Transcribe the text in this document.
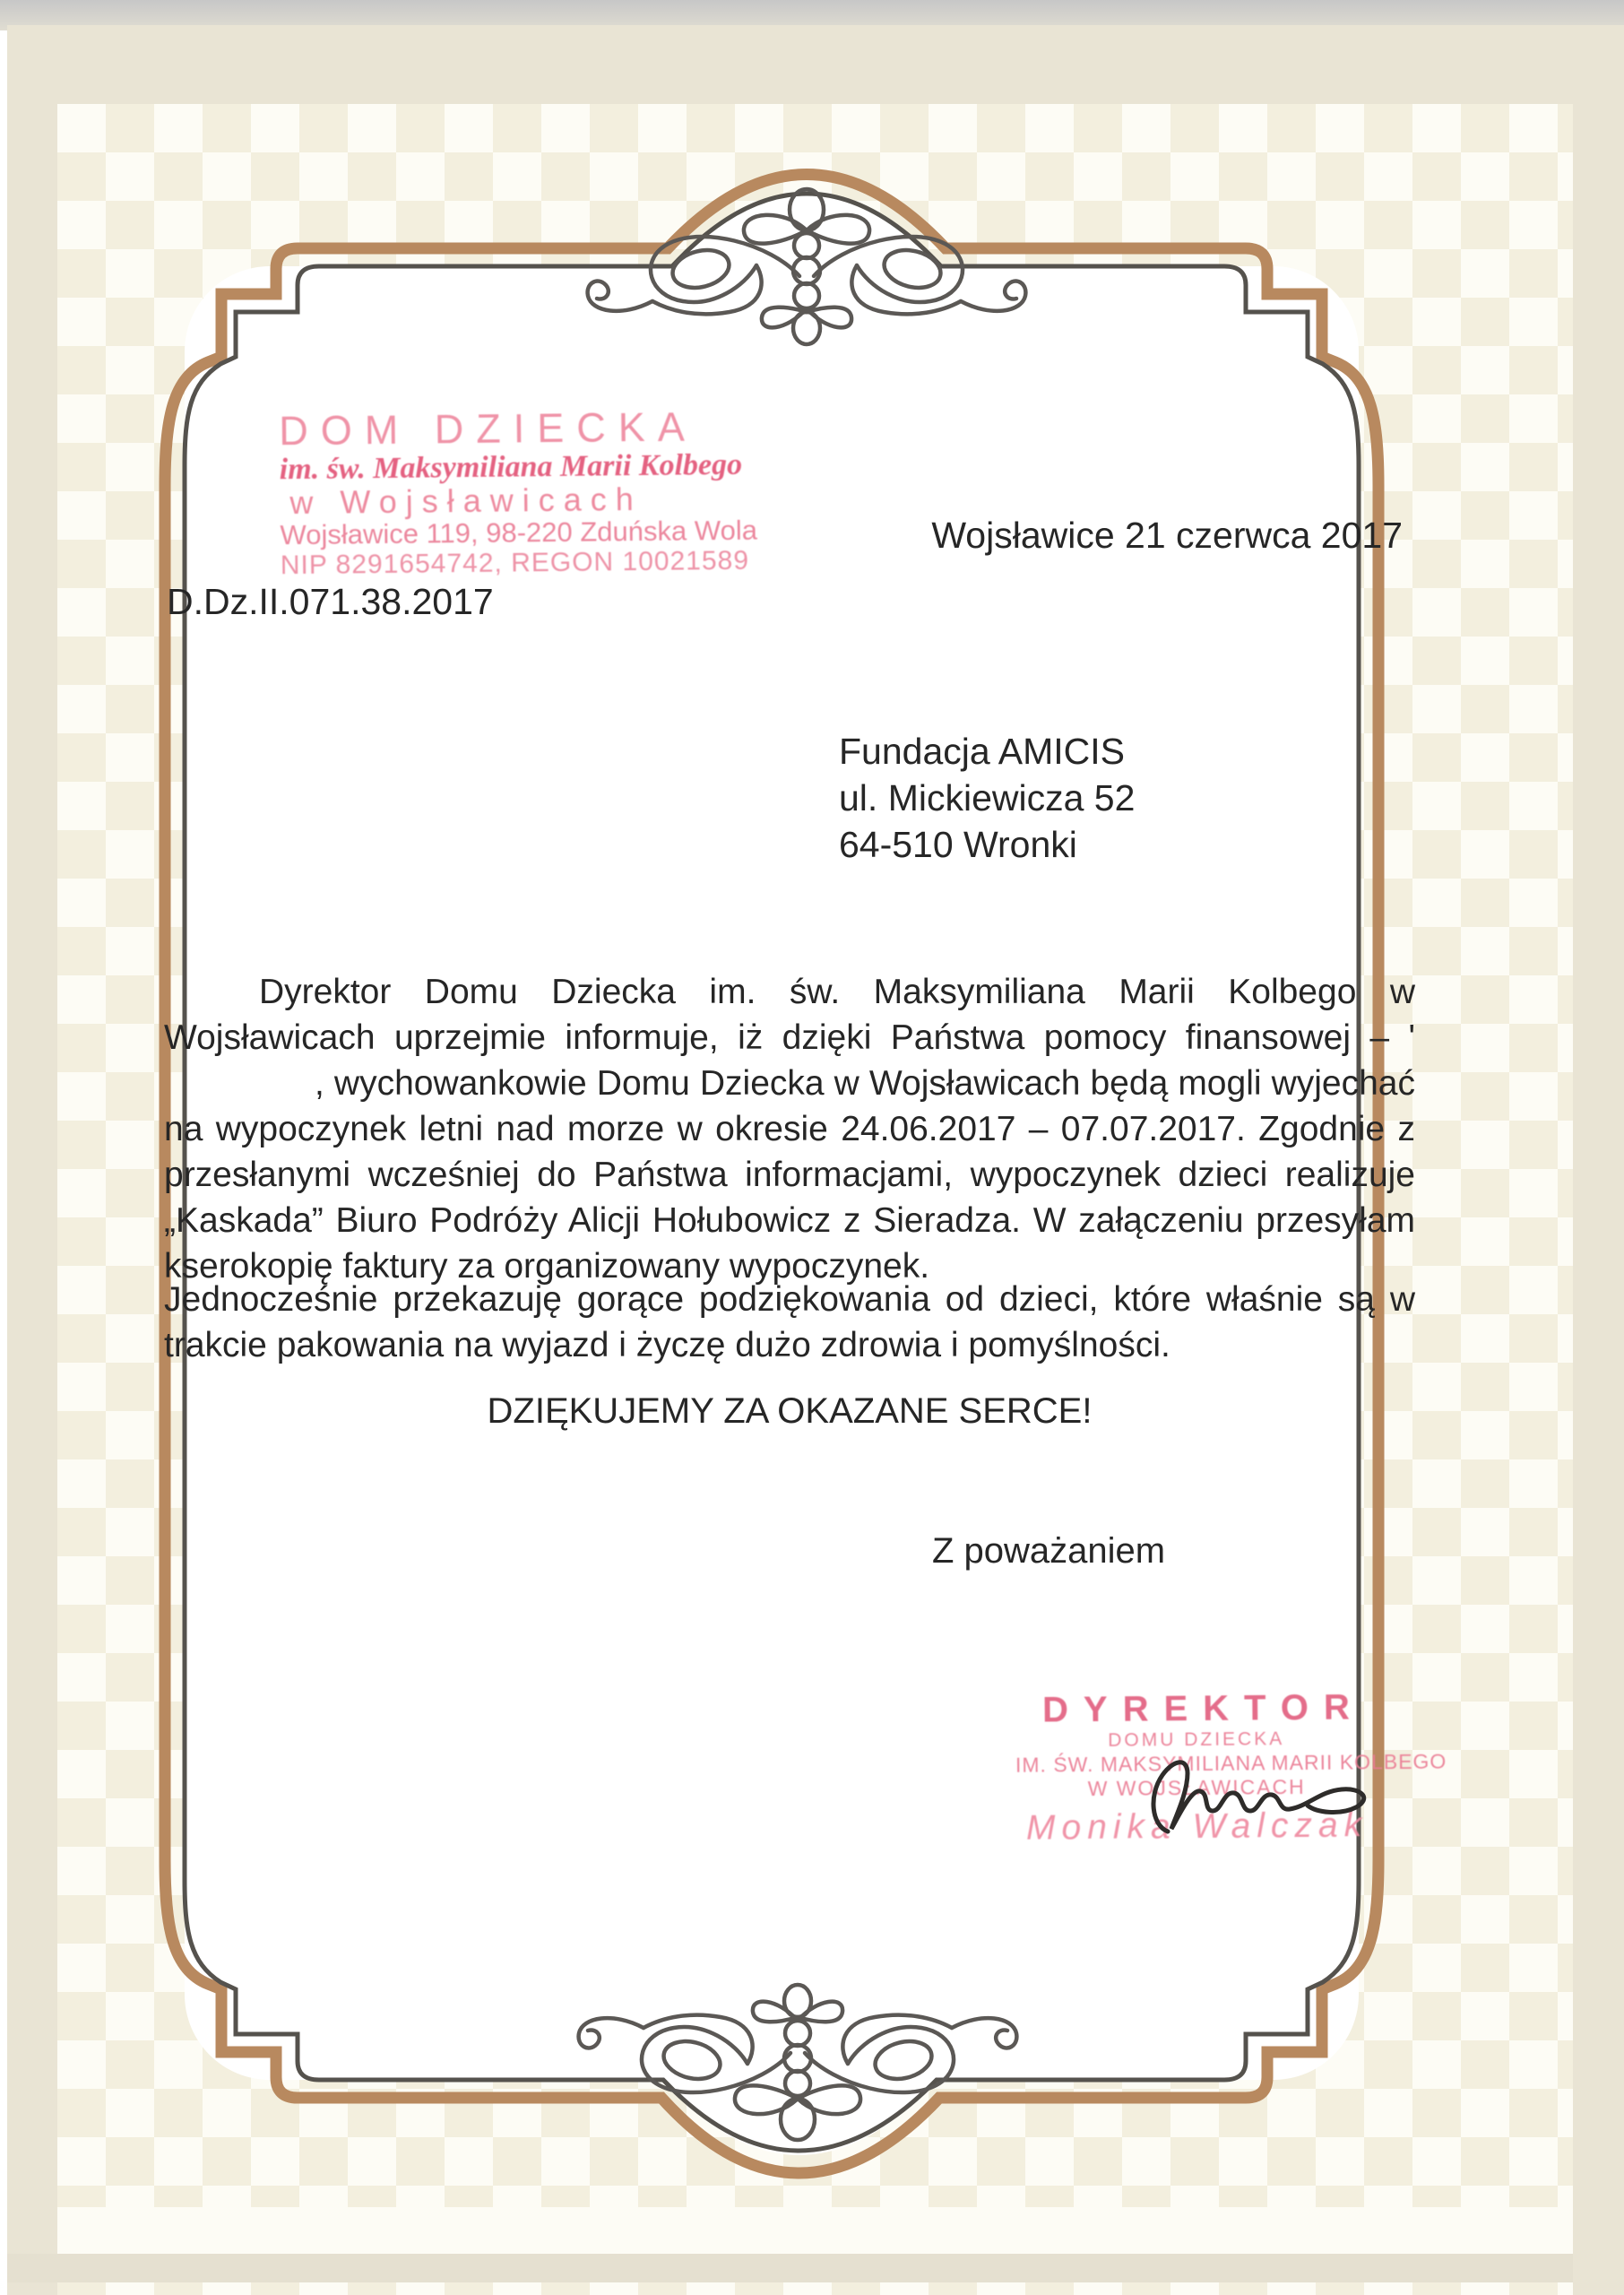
DOM DZIECKA
im. św. Maksymiliana Marii Kolbego
w Wojsławicach
Wojsławice 119, 98-220 Zduńska Wola
NIP 8291654742, REGON 10021589
Wojsławice 21 czerwca 2017
D.Dz.II.071.38.2017
Fundacja AMICIS
ul. Mickiewicza 52
64-510 Wronki

Dyrektor Domu Dziecka im. św. Maksymiliana Marii Kolbego w Wojsławicach uprzejmie informuje, iż dzięki Państwa pomocy finansowej – ', wychowankowie Domu Dziecka w Wojsławicach będą mogli wyjechać na wypoczynek letni nad morze w okresie 24.06.2017 – 07.07.2017. Zgodnie z przesłanymi wcześniej do Państwa informacjami, wypoczynek dzieci realizuje „Kaskada” Biuro Podróży Alicji Hołubowicz z Sieradza. W załączeniu przesyłam kserokopię faktury za organizowany wypoczynek.

Jednocześnie przekazuję gorące podziękowania od dzieci, które właśnie są w trakcie pakowania na wyjazd i życzę dużo zdrowia i pomyślności.

DZIĘKUJEMY ZA OKAZANE SERCE!

Z poważaniem
DYREKTOR
DOMU DZIECKA
IM. ŚW. MAKSYMILIANA MARII KOLBEGO
W WOJSŁAWICACH
Monika Walczak
